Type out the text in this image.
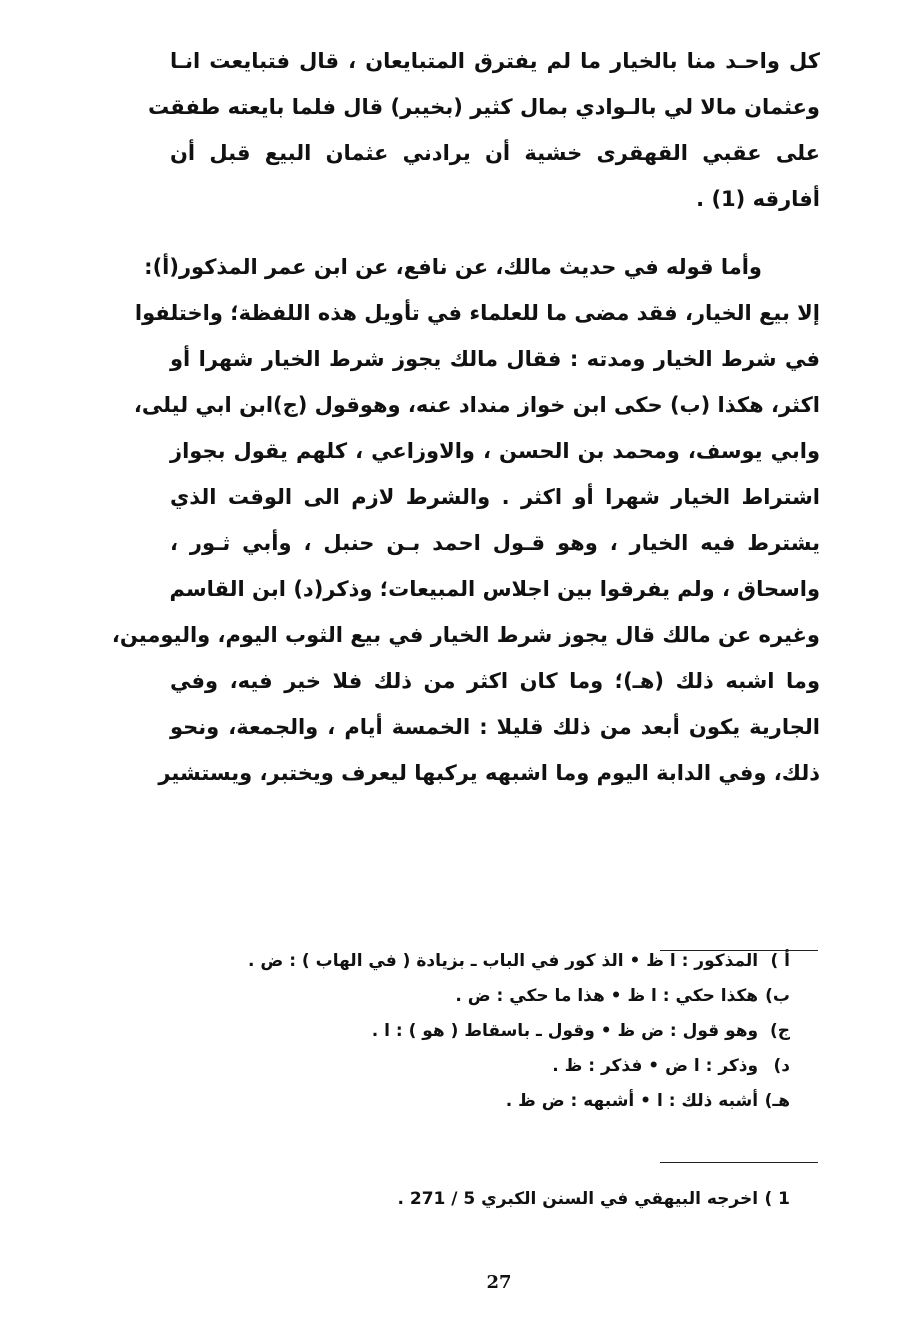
كل واحـد منا بالخيار ما لم يفترق المتبايعان ، قال فتبايعت انـا
وعثمان مالا لي بالـوادي بمال كثير (بخيبر) قال فلما بايعته طفقت
على عقبي القهقرى خشية أن يرادني عثمان البيع قبل أن
أفارقه (1) .
وأما قوله في حديث مالك، عن نافع، عن ابن عمر المذكور(أ):
إلا بيع الخيار، فقد مضى ما للعلماء في تأويل هذه اللفظة؛ واختلفوا
في شرط الخيار ومدته : فقال مالك يجوز شرط الخيار شهرا أو
اكثر، هكذا (ب) حكى ابن خواز منداد عنه، وهوقول (ج)ابن ابي ليلى،
وابي يوسف، ومحمد بن الحسن ، والاوزاعي ، كلهم يقول بجواز
اشتراط الخيار شهرا أو اكثر . والشرط لازم الى الوقت الذي
يشترط فيه الخيار ، وهو قـول احمد بـن حنبل ، وأبي ثـور ،
واسحاق ، ولم يفرقوا بين اجلاس المبيعات؛ وذكر(د) ابن القاسم
وغيره عن مالك قال يجوز شرط الخيار في بيع الثوب اليوم، واليومين،
وما اشبه ذلك (هـ)؛ وما كان اكثر من ذلك فلا خير فيه، وفي
الجارية يكون أبعد من ذلك قليلا : الخمسة أيام ، والجمعة، ونحو
ذلك، وفي الدابة اليوم وما اشبهه يركبها ليعرف ويختبر، ويستشير
أ ) المذكور : ا ظ • الذ كور في الباب ـ بزيادة ( في الهاب ) : ض .
ب) هكذا حكي : ا ظ • هذا ما حكي : ض .
ج) وهو قول : ض ظ • وقول ـ باسقاط ( هو ) : ا .
د) وذكر : ا ض • فذكر : ظ .
هـ) أشبه ذلك : ا • أشبهه : ض ظ .
1 ) اخرجه البيهقي في السنن الكبري 5 / 271 .
27
